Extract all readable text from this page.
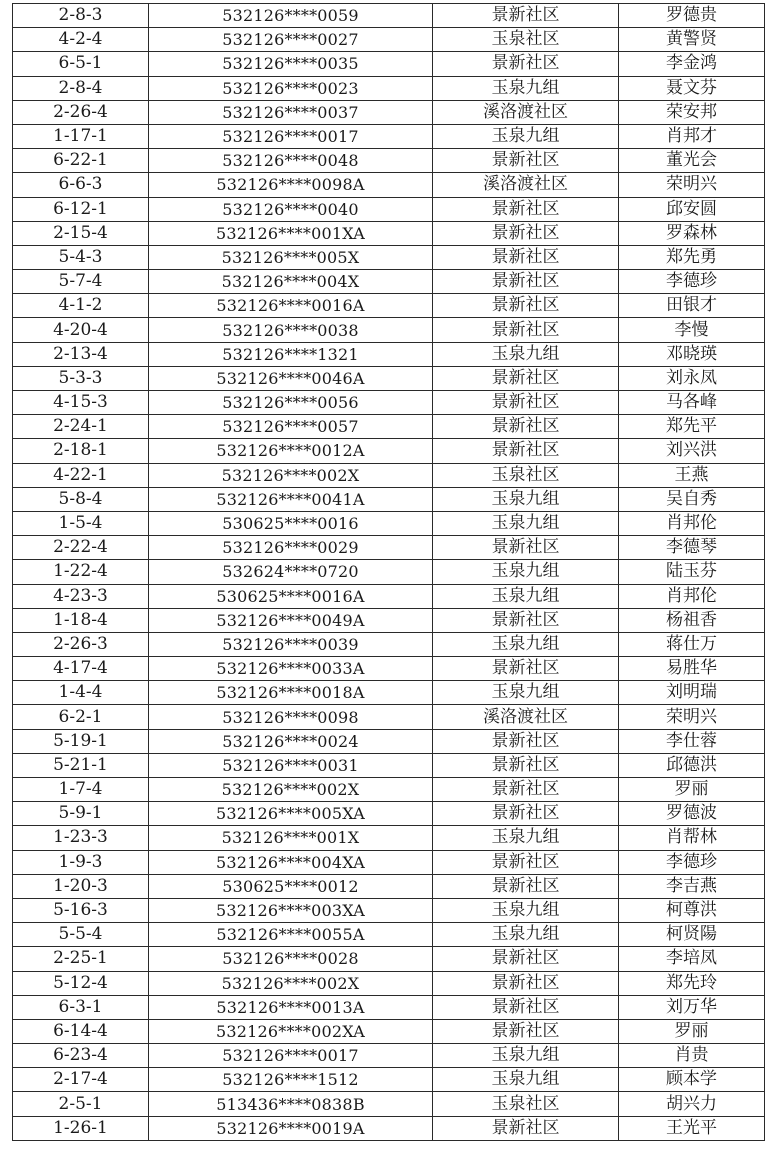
2-8-3	532126****0059	景新社区	罗德贵
4-2-4	532126****0027	玉泉社区	黄警贤
6-5-1	532126****0035	景新社区	李金鸿
2-8-4	532126****0023	玉泉九组	聂文芬
2-26-4	532126****0037	溪洛渡社区	荣安邦
1-17-1	532126****0017	玉泉九组	肖邦才
6-22-1	532126****0048	景新社区	董光会
6-6-3	532126****0098A	溪洛渡社区	荣明兴
6-12-1	532126****0040	景新社区	邱安圆
2-15-4	532126****001XA	景新社区	罗森林
5-4-3	532126****005X	景新社区	郑先勇
5-7-4	532126****004X	景新社区	李德珍
4-1-2	532126****0016A	景新社区	田银才
4-20-4	532126****0038	景新社区	李慢
2-13-4	532126****1321	玉泉九组	邓晓瑛
5-3-3	532126****0046A	景新社区	刘永凤
4-15-3	532126****0056	景新社区	马各峰
2-24-1	532126****0057	景新社区	郑先平
2-18-1	532126****0012A	景新社区	刘兴洪
4-22-1	532126****002X	玉泉社区	王燕
5-8-4	532126****0041A	玉泉九组	吴自秀
1-5-4	530625****0016	玉泉九组	肖邦伦
2-22-4	532126****0029	景新社区	李德琴
1-22-4	532624****0720	玉泉九组	陆玉芬
4-23-3	530625****0016A	玉泉九组	肖邦伦
1-18-4	532126****0049A	景新社区	杨祖香
2-26-3	532126****0039	玉泉九组	蒋仕万
4-17-4	532126****0033A	景新社区	易胜华
1-4-4	532126****0018A	玉泉九组	刘明瑞
6-2-1	532126****0098	溪洛渡社区	荣明兴
5-19-1	532126****0024	景新社区	李仕蓉
5-21-1	532126****0031	景新社区	邱德洪
1-7-4	532126****002X	景新社区	罗丽
5-9-1	532126****005XA	景新社区	罗德波
1-23-3	532126****001X	玉泉九组	肖帮林
1-9-3	532126****004XA	景新社区	李德珍
1-20-3	530625****0012	景新社区	李吉燕
5-16-3	532126****003XA	玉泉九组	柯尊洪
5-5-4	532126****0055A	玉泉九组	柯贤陽
2-25-1	532126****0028	景新社区	李培凤
5-12-4	532126****002X	景新社区	郑先玲
6-3-1	532126****0013A	景新社区	刘万华
6-14-4	532126****002XA	景新社区	罗丽
6-23-4	532126****0017	玉泉九组	肖贵
2-17-4	532126****1512	玉泉九组	顾本学
2-5-1	513436****0838B	玉泉社区	胡兴力
1-26-1	532126****0019A	景新社区	王光平
